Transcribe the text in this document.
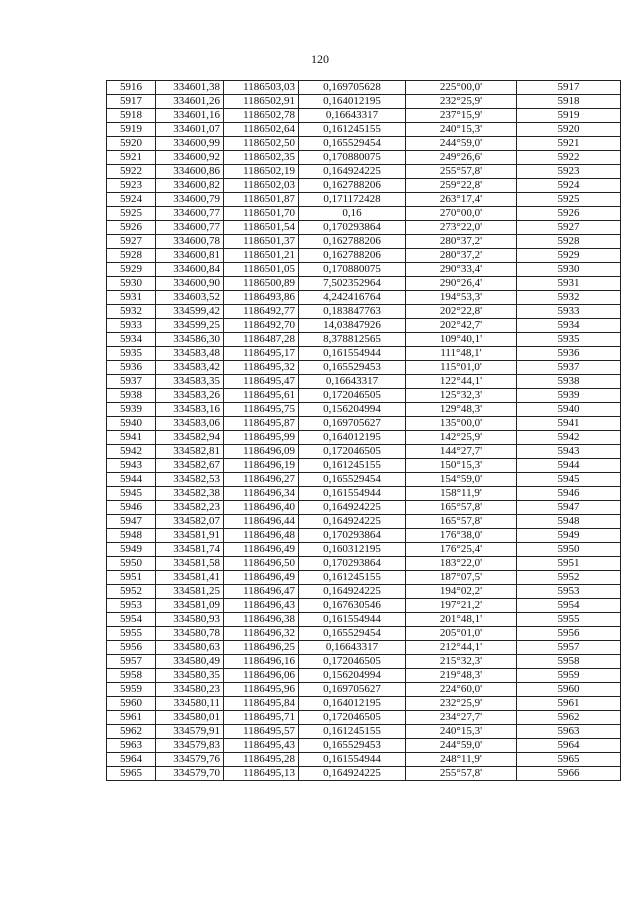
120
5916	334601,38	1186503,03	0,169705628	225°00,0'	5917
5917	334601,26	1186502,91	0,164012195	232°25,9'	5918
5918	334601,16	1186502,78	0,16643317	237°15,9'	5919
5919	334601,07	1186502,64	0,161245155	240°15,3'	5920
5920	334600,99	1186502,50	0,165529454	244°59,0'	5921
5921	334600,92	1186502,35	0,170880075	249°26,6'	5922
5922	334600,86	1186502,19	0,164924225	255°57,8'	5923
5923	334600,82	1186502,03	0,162788206	259°22,8'	5924
5924	334600,79	1186501,87	0,171172428	263°17,4'	5925
5925	334600,77	1186501,70	0,16	270°00,0'	5926
5926	334600,77	1186501,54	0,170293864	273°22,0'	5927
5927	334600,78	1186501,37	0,162788206	280°37,2'	5928
5928	334600,81	1186501,21	0,162788206	280°37,2'	5929
5929	334600,84	1186501,05	0,170880075	290°33,4'	5930
5930	334600,90	1186500,89	7,502352964	290°26,4'	5931
5931	334603,52	1186493,86	4,242416764	194°53,3'	5932
5932	334599,42	1186492,77	0,183847763	202°22,8'	5933
5933	334599,25	1186492,70	14,03847926	202°42,7'	5934
5934	334586,30	1186487,28	8,378812565	109°40,1'	5935
5935	334583,48	1186495,17	0,161554944	111°48,1'	5936
5936	334583,42	1186495,32	0,165529453	115°01,0'	5937
5937	334583,35	1186495,47	0,16643317	122°44,1'	5938
5938	334583,26	1186495,61	0,172046505	125°32,3'	5939
5939	334583,16	1186495,75	0,156204994	129°48,3'	5940
5940	334583,06	1186495,87	0,169705627	135°00,0'	5941
5941	334582,94	1186495,99	0,164012195	142°25,9'	5942
5942	334582,81	1186496,09	0,172046505	144°27,7'	5943
5943	334582,67	1186496,19	0,161245155	150°15,3'	5944
5944	334582,53	1186496,27	0,165529454	154°59,0'	5945
5945	334582,38	1186496,34	0,161554944	158°11,9'	5946
5946	334582,23	1186496,40	0,164924225	165°57,8'	5947
5947	334582,07	1186496,44	0,164924225	165°57,8'	5948
5948	334581,91	1186496,48	0,170293864	176°38,0'	5949
5949	334581,74	1186496,49	0,160312195	176°25,4'	5950
5950	334581,58	1186496,50	0,170293864	183°22,0'	5951
5951	334581,41	1186496,49	0,161245155	187°07,5'	5952
5952	334581,25	1186496,47	0,164924225	194°02,2'	5953
5953	334581,09	1186496,43	0,167630546	197°21,2'	5954
5954	334580,93	1186496,38	0,161554944	201°48,1'	5955
5955	334580,78	1186496,32	0,165529454	205°01,0'	5956
5956	334580,63	1186496,25	0,16643317	212°44,1'	5957
5957	334580,49	1186496,16	0,172046505	215°32,3'	5958
5958	334580,35	1186496,06	0,156204994	219°48,3'	5959
5959	334580,23	1186495,96	0,169705627	224°60,0'	5960
5960	334580,11	1186495,84	0,164012195	232°25,9'	5961
5961	334580,01	1186495,71	0,172046505	234°27,7'	5962
5962	334579,91	1186495,57	0,161245155	240°15,3'	5963
5963	334579,83	1186495,43	0,165529453	244°59,0'	5964
5964	334579,76	1186495,28	0,161554944	248°11,9'	5965
5965	334579,70	1186495,13	0,164924225	255°57,8'	5966
